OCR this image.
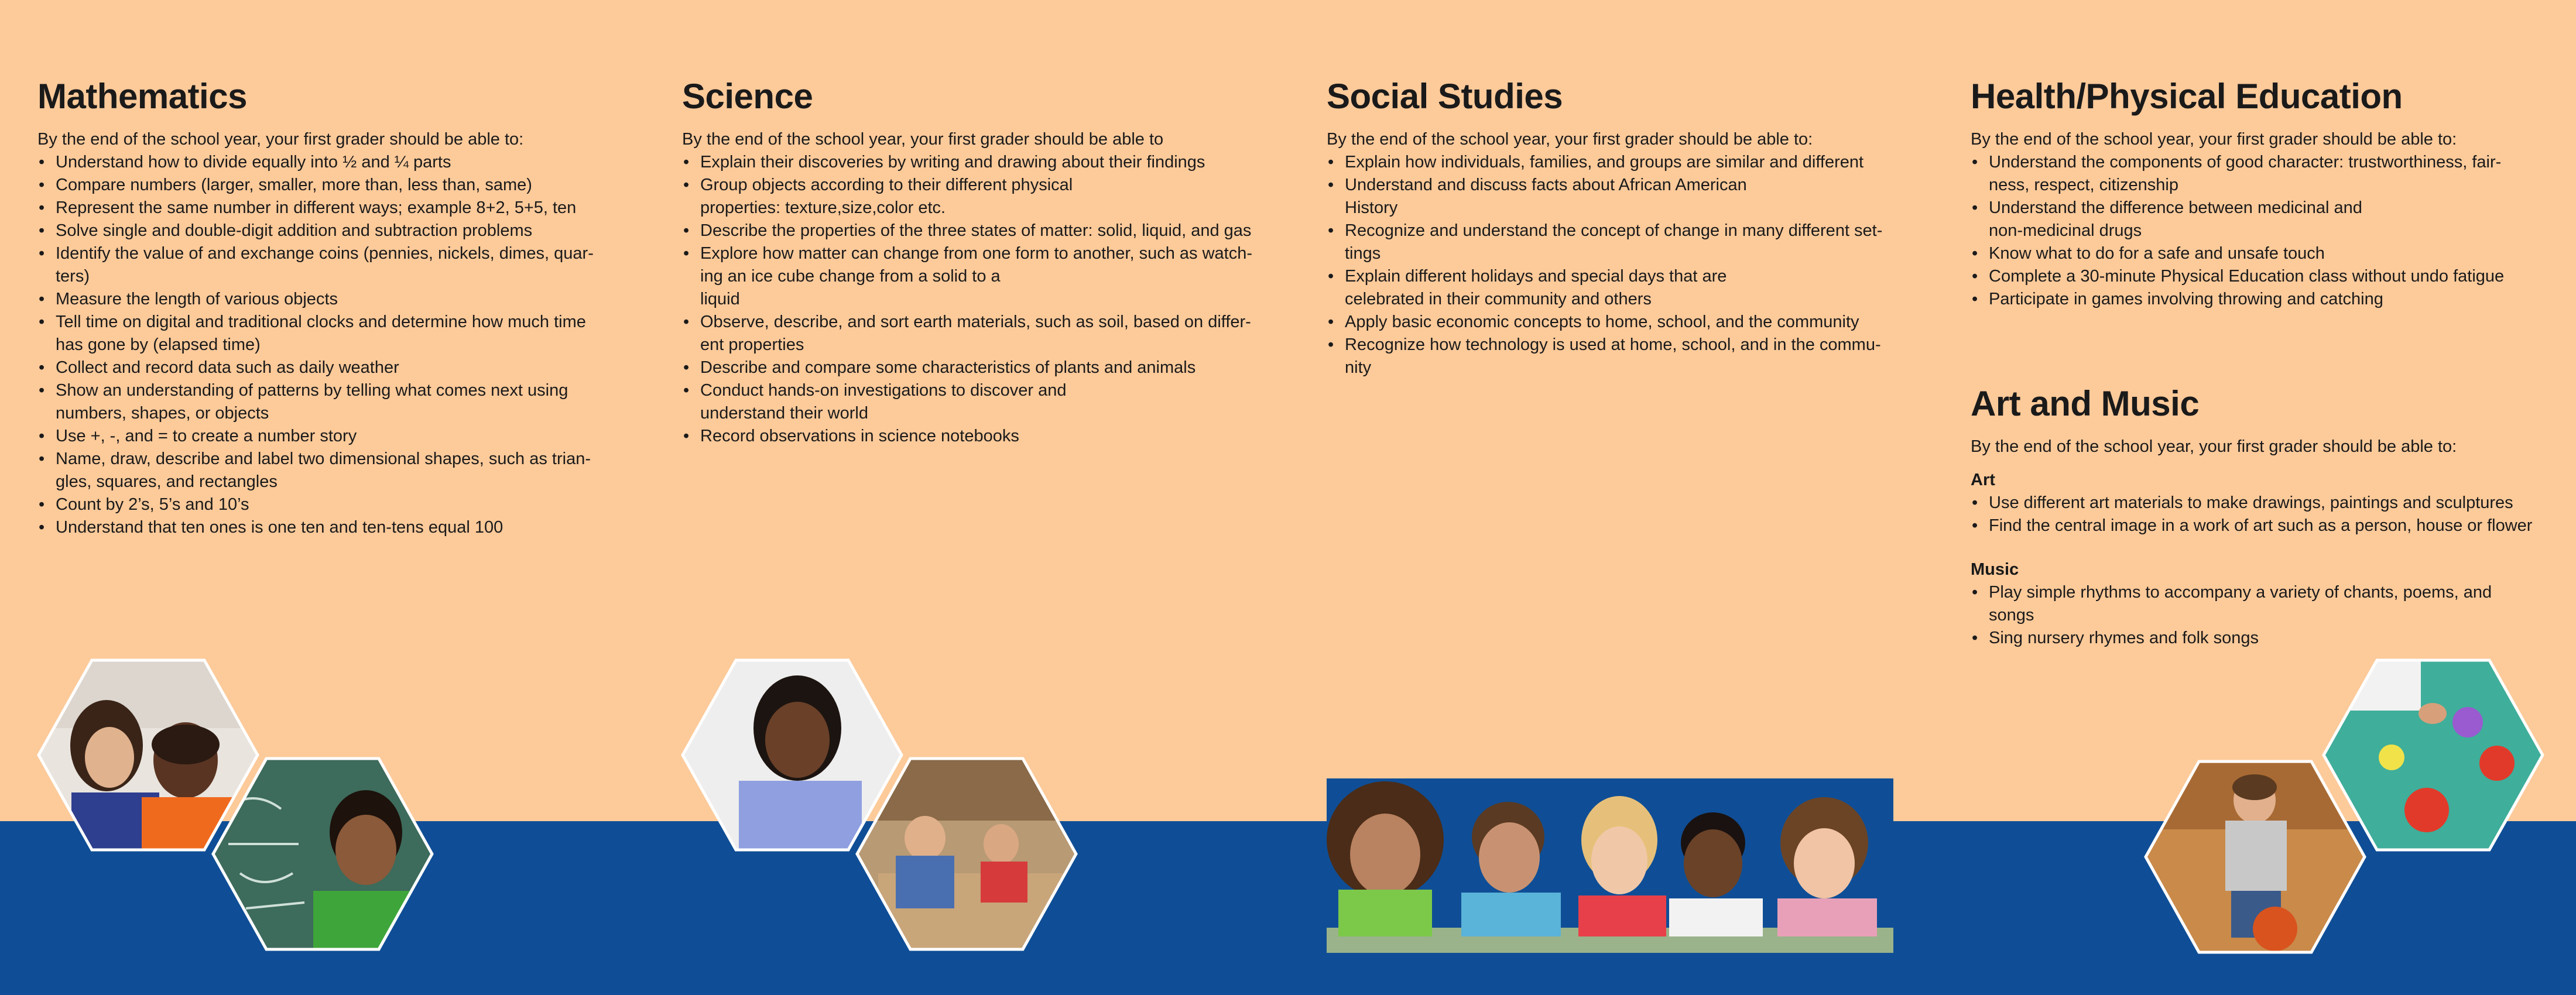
Mathematics
By the end of the school year, your first grader should be able to:
• Understand how to divide equally into ½ and ¼ parts
• Compare numbers (larger, smaller, more than, less than, same)
• Represent the same number in different ways; example 8+2, 5+5, ten
• Solve single and double-digit addition and subtraction problems
• Identify the value of and exchange coins (pennies, nickels, dimes, quar-
ters)
• Measure the length of various objects
• Tell time on digital and traditional clocks and determine how much time
has gone by (elapsed time)
• Collect and record data such as daily weather
• Show an understanding of patterns by telling what comes next using
numbers, shapes, or objects
• Use +, -, and = to create a number story
• Name, draw, describe and label two dimensional shapes, such as trian-
gles, squares, and rectangles
• Count by 2’s, 5’s and 10’s
• Understand that ten ones is one ten and ten-tens equal 100
Science
By the end of the school year, your first grader should be able to
• Explain their discoveries by writing and drawing about their findings
• Group objects according to their different physical
properties: texture,size,color etc.
• Describe the properties of the three states of matter: solid, liquid, and gas
• Explore how matter can change from one form to another, such as watch-
ing an ice cube change from a solid to a
liquid
• Observe, describe, and sort earth materials, such as soil, based on differ-
ent properties
• Describe and compare some characteristics of plants and animals
• Conduct hands-on investigations to discover and
understand their world
• Record observations in science notebooks
Social Studies
By the end of the school year, your first grader should be able to:
• Explain how individuals, families, and groups are similar and different
• Understand and discuss facts about African American
History
• Recognize and understand the concept of change in many different set-
tings
• Explain different holidays and special days that are
celebrated in their community and others
• Apply basic economic concepts to home, school, and the community
• Recognize how technology is used at home, school, and in the commu-
nity
Health/Physical Education
By the end of the school year, your first grader should be able to:
• Understand the components of good character: trustworthiness, fair-
ness, respect, citizenship
• Understand the difference between medicinal and
non-medicinal drugs
• Know what to do for a safe and unsafe touch
• Complete a 30-minute Physical Education class without undo fatigue
• Participate in games involving throwing and catching
Art and Music
By the end of the school year, your first grader should be able to:
Art
• Use different art materials to make drawings, paintings and sculptures
• Find the central image in a work of art such as a person, house or flower
Music
• Play simple rhythms to accompany a variety of chants, poems, and
songs
• Sing nursery rhymes and folk songs
